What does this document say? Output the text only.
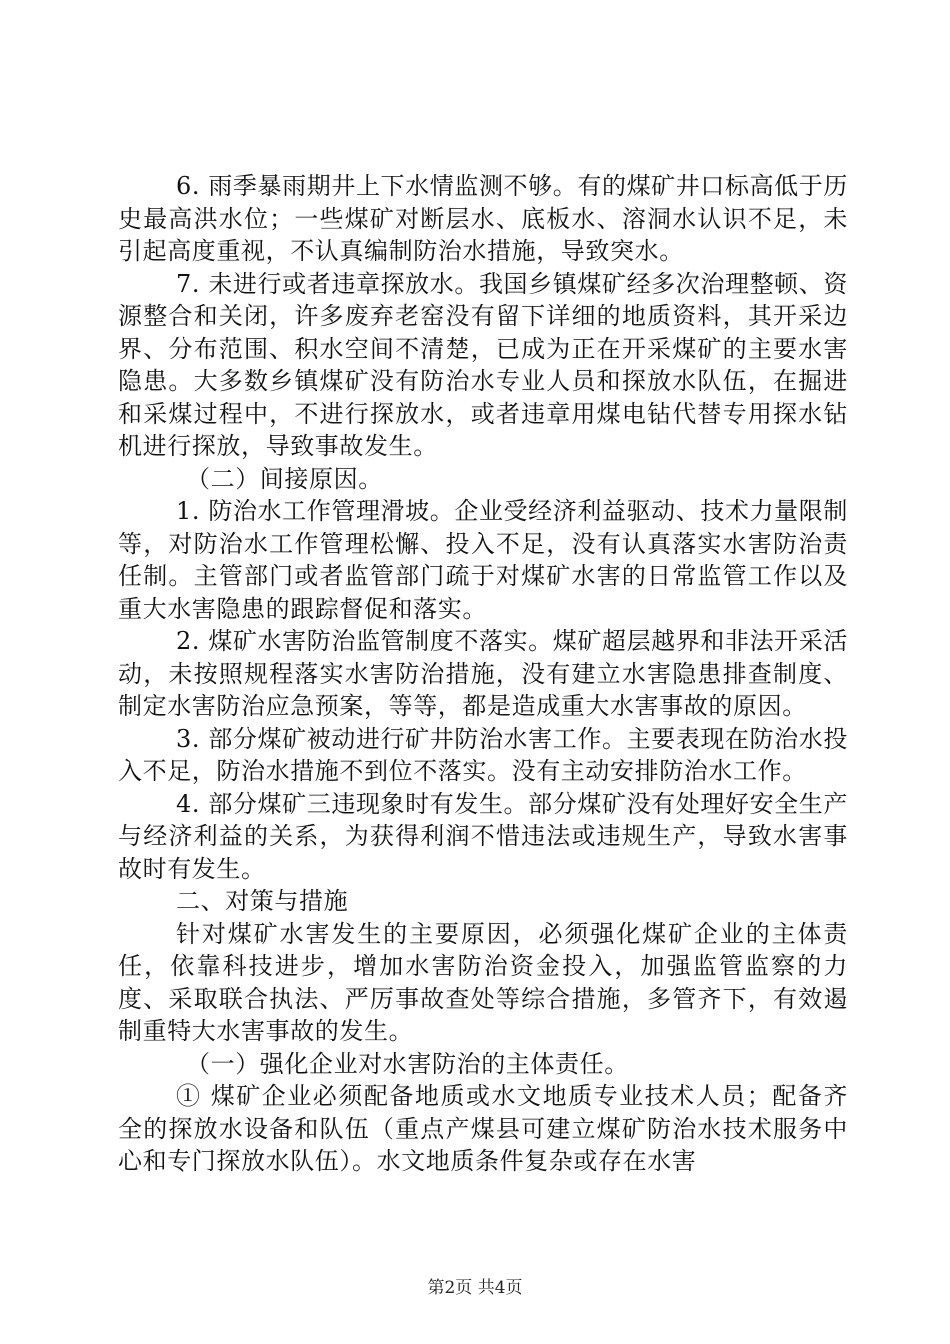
6. 雨季暴雨期井上下水情监测不够。有的煤矿井口标高低于历史最高洪水位；一些煤矿对断层水、底板水、溶洞水认识不足，未引起高度重视，不认真编制防治水措施，导致突水。

7. 未进行或者违章探放水。我国乡镇煤矿经多次治理整顿、资源整合和关闭，许多废弃老窑没有留下详细的地质资料，其开采边界、分布范围、积水空间不清楚，已成为正在开采煤矿的主要水害隐患。大多数乡镇煤矿没有防治水专业人员和探放水队伍，在掘进和采煤过程中，不进行探放水，或者违章用煤电钻代替专用探水钻机进行探放，导致事故发生。

（二）间接原因。

1. 防治水工作管理滑坡。企业受经济利益驱动、技术力量限制等，对防治水工作管理松懈、投入不足，没有认真落实水害防治责任制。主管部门或者监管部门疏于对煤矿水害的日常监管工作以及重大水害隐患的跟踪督促和落实。

2. 煤矿水害防治监管制度不落实。煤矿超层越界和非法开采活动，未按照规程落实水害防治措施，没有建立水害隐患排查制度、制定水害防治应急预案，等等，都是造成重大水害事故的原因。

3. 部分煤矿被动进行矿井防治水害工作。主要表现在防治水投入不足，防治水措施不到位不落实。没有主动安排防治水工作。

4. 部分煤矿三违现象时有发生。部分煤矿没有处理好安全生产与经济利益的关系，为获得利润不惜违法或违规生产，导致水害事故时有发生。

二、对策与措施

针对煤矿水害发生的主要原因，必须强化煤矿企业的主体责任，依靠科技进步，增加水害防治资金投入，加强监管监察的力度、采取联合执法、严厉事故查处等综合措施，多管齐下，有效遏制重特大水害事故的发生。

（一）强化企业对水害防治的主体责任。

① 煤矿企业必须配备地质或水文地质专业技术人员；配备齐全的探放水设备和队伍（重点产煤县可建立煤矿防治水技术服务中心和专门探放水队伍）。水文地质条件复杂或存在水害

第2页 共4页
